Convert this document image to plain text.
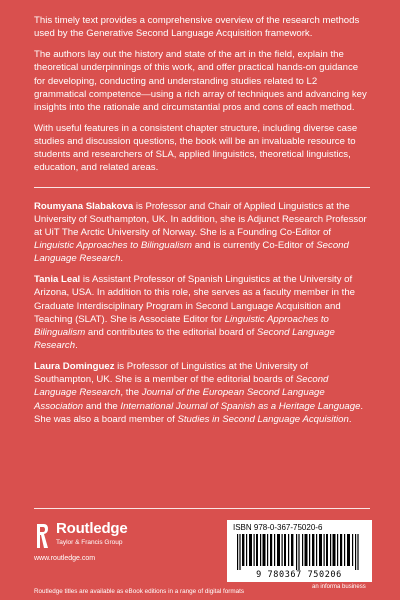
This timely text provides a comprehensive overview of the research methods used by the Generative Second Language Acquisition framework.

The authors lay out the history and state of the art in the field, explain the theoretical underpinnings of this work, and offer practical hands-on guidance for developing, conducting and understanding studies related to L2 grammatical competence—using a rich array of techniques and advancing key insights into the rationale and circumstantial pros and cons of each method.

With useful features in a consistent chapter structure, including diverse case studies and discussion questions, the book will be an invaluable resource to students and researchers of SLA, applied linguistics, theoretical linguistics, education, and related areas.

Roumyana Slabakova is Professor and Chair of Applied Linguistics at the University of Southampton, UK. In addition, she is Adjunct Research Professor at UiT The Arctic University of Norway. She is a Founding Co-Editor of Linguistic Approaches to Bilingualism and is currently Co-Editor of Second Language Research.

Tania Leal is Assistant Professor of Spanish Linguistics at the University of Arizona, USA. In addition to this role, she serves as a faculty member in the Graduate Interdisciplinary Program in Second Language Acquisition and Teaching (SLAT). She is Associate Editor for Linguistic Approaches to Bilingualism and contributes to the editorial board of Second Language Research.

Laura Dominguez is Professor of Linguistics at the University of Southampton, UK. She is a member of the editorial boards of Second Language Research, the Journal of the European Second Language Association and the International Journal of Spanish as a Heritage Language. She was also a board member of Studies in Second Language Acquisition.

Routledge
Taylor & Francis Group
www.routledge.com
ISBN 978-0-367-75020-6
9 780367 750206
an informa business
Routledge titles are available as eBook editions in a range of digital formats
